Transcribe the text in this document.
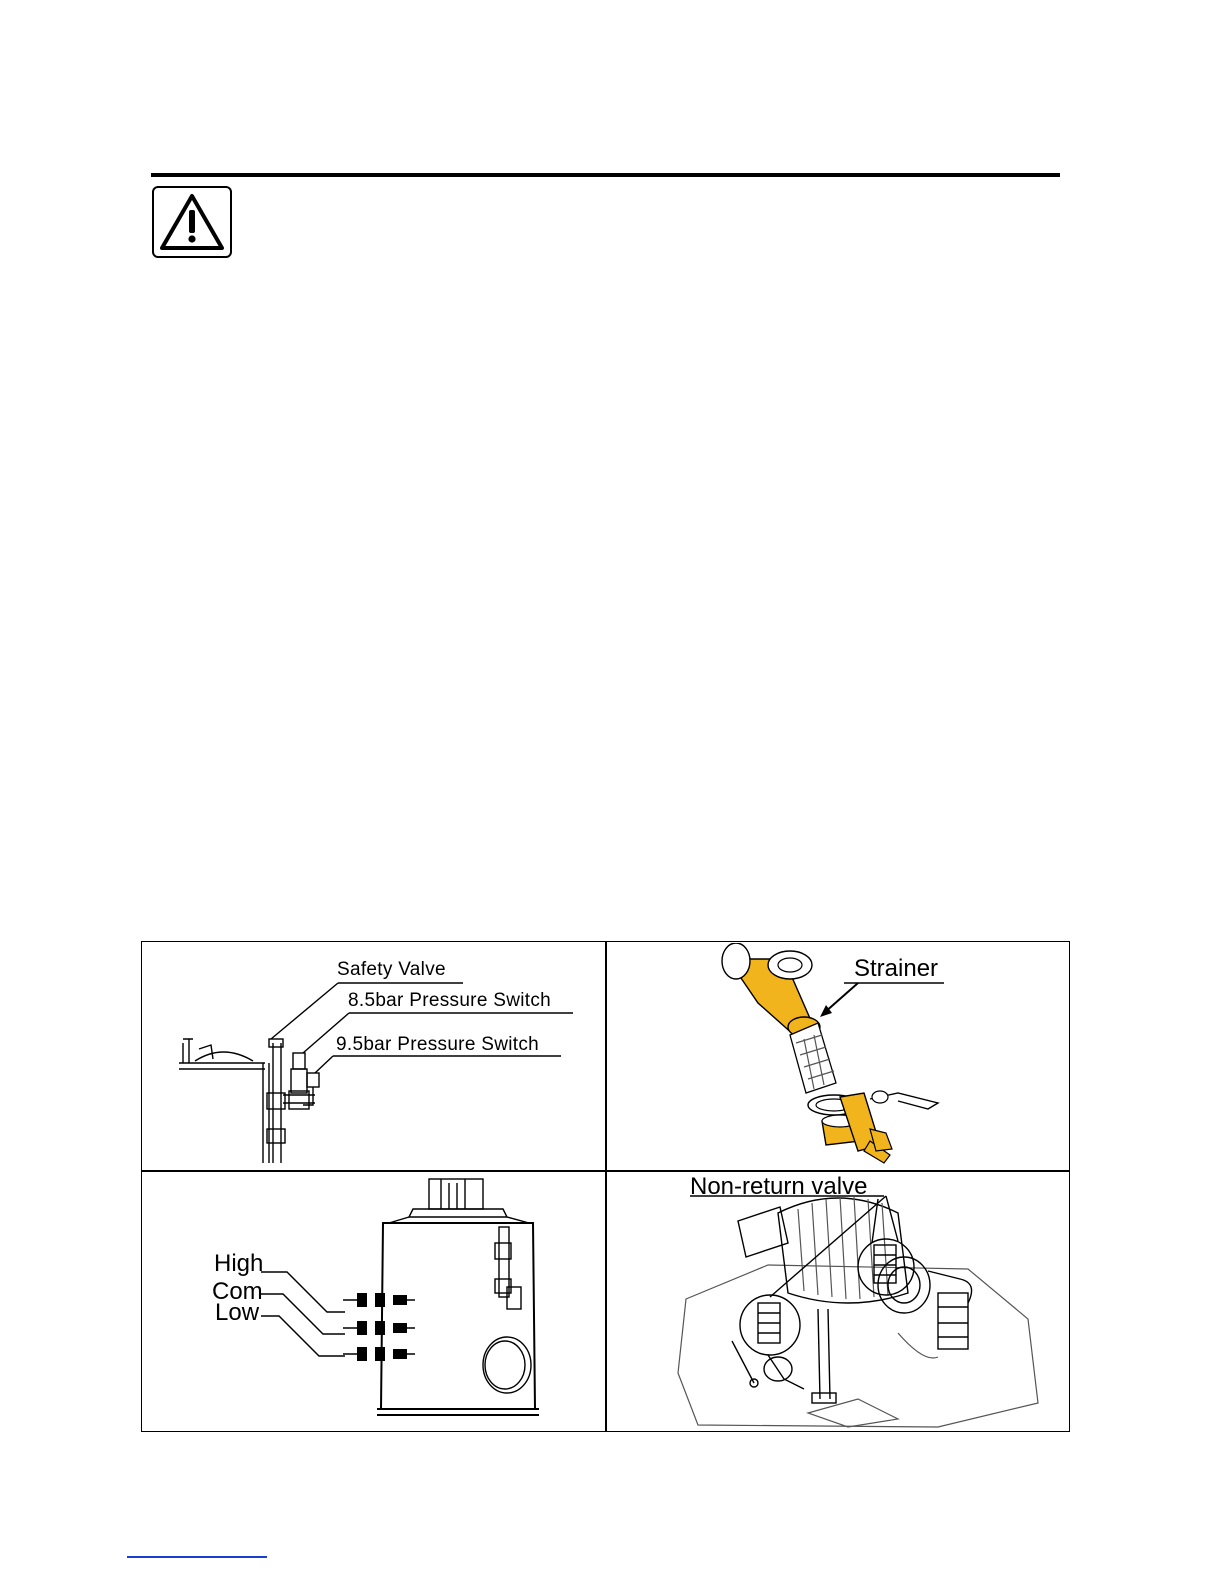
Safety Valve
8.5bar Pressure Switch
9.5bar Pressure Switch
Strainer
High
Com
Low
Non-return valve
